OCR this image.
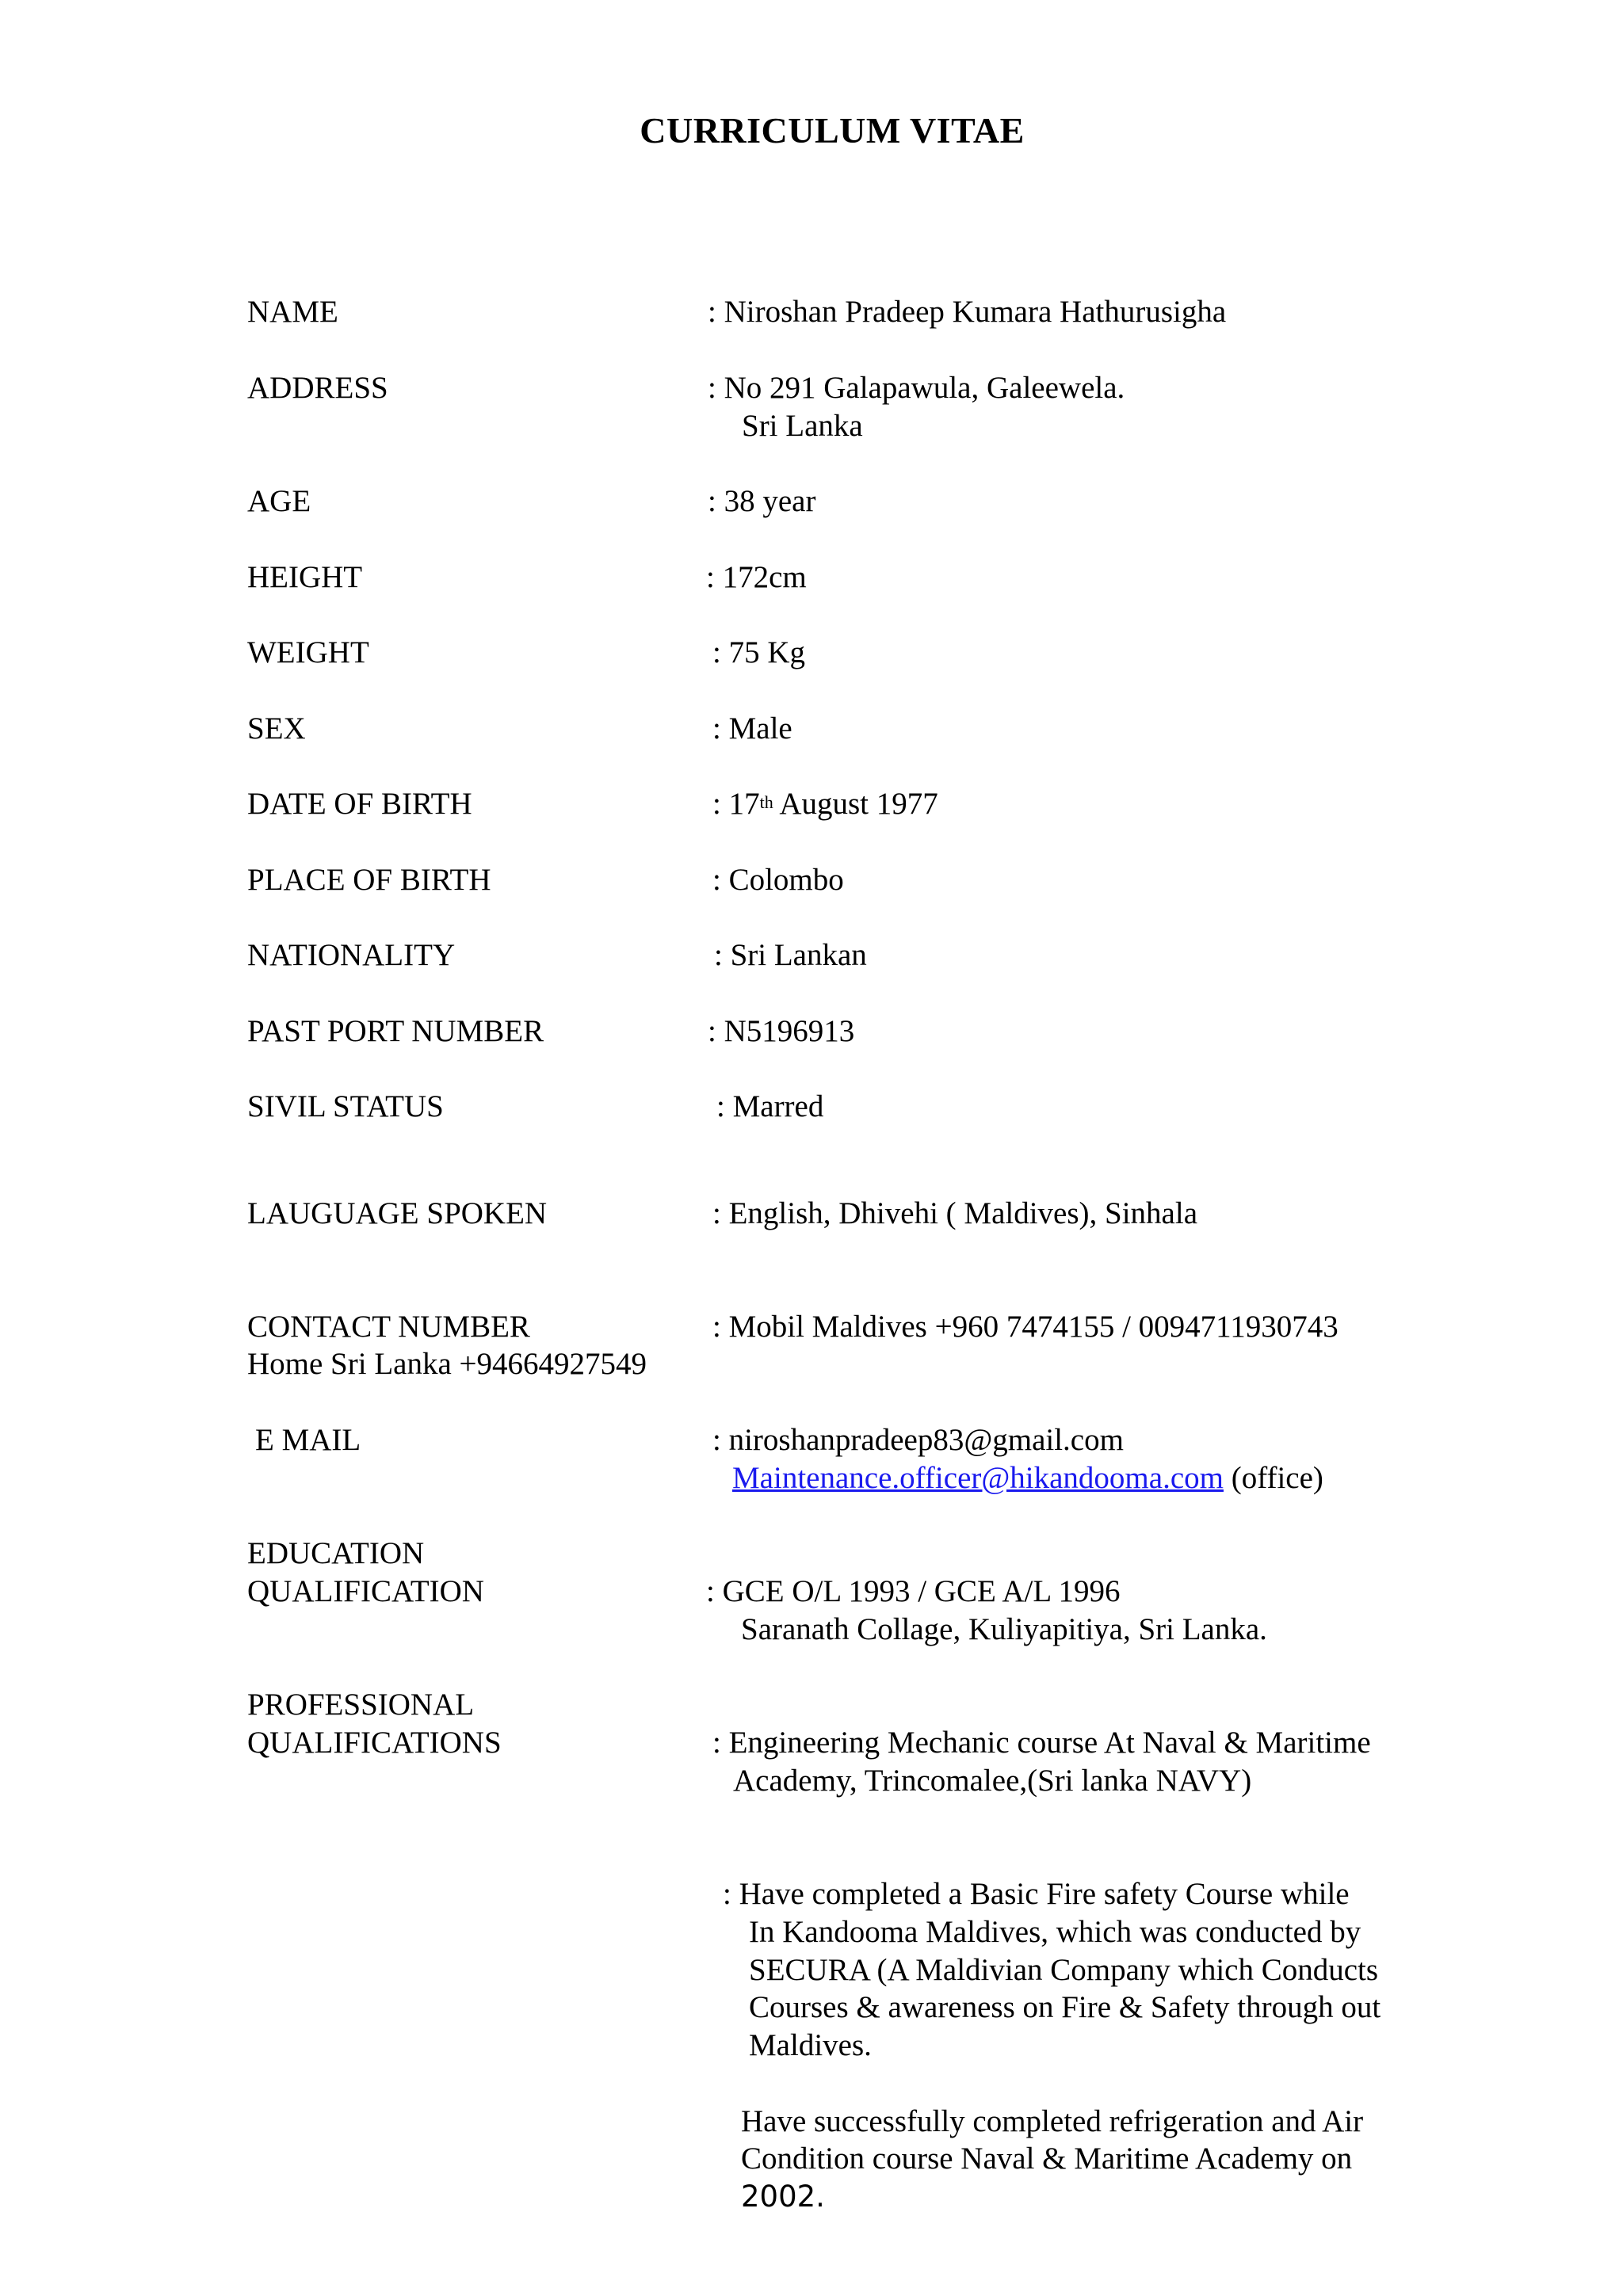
CURRICULUM VITAE
NAME	: Niroshan Pradeep Kumara Hathurusigha
ADDRESS	: No 291 Galapawula, Galeewela.
Sri Lanka
AGE	: 38 year
HEIGHT	: 172cm
WEIGHT	: 75 Kg
SEX	: Male
DATE OF BIRTH	: 17th August 1977
PLACE OF BIRTH	: Colombo
NATIONALITY	: Sri Lankan
PAST PORT NUMBER	: N5196913
SIVIL STATUS	: Marred
LAUGUAGE SPOKEN	: English, Dhivehi ( Maldives), Sinhala
CONTACT NUMBER	: Mobil Maldives +960 7474155 / 0094711930743
Home Sri Lanka +94664927549
E MAIL	: niroshanpradeep83@gmail.com
Maintenance.officer@hikandooma.com (office)
EDUCATION
QUALIFICATION	: GCE O/L 1993 / GCE A/L 1996
Saranath Collage, Kuliyapitiya, Sri Lanka.
PROFESSIONAL
QUALIFICATIONS	: Engineering Mechanic course At Naval & Maritime
Academy, Trincomalee,(Sri lanka NAVY)
: Have completed a Basic Fire safety Course while
In Kandooma Maldives, which was conducted by
SECURA (A Maldivian Company which Conducts
Courses & awareness on Fire & Safety through out
Maldives.
Have successfully completed refrigeration and Air
Condition course Naval & Maritime Academy on
2002.
